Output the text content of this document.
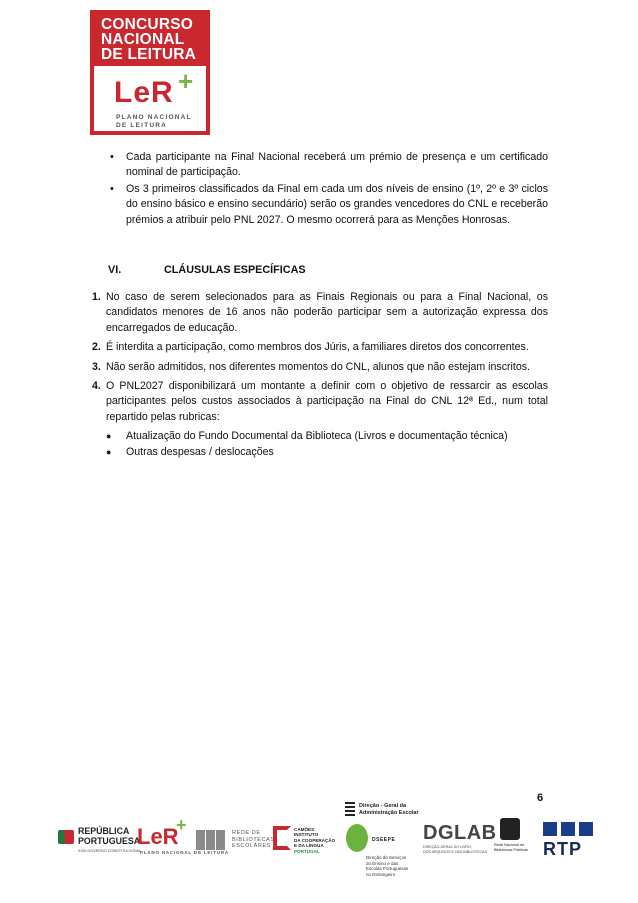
CONCURSO
NACIONAL
DE LEITURA
LeR +
PLANO NACIONAL
DE LEITURA
• Cada participante na Final Nacional receberá um prémio de presença e um certificado nominal de participação.
• Os 3 primeiros classificados da Final em cada um dos níveis de ensino (1º, 2º e 3º ciclos do ensino básico e ensino secundário) serão os grandes vencedores do CNL e receberão prémios a atribuir pelo PNL 2027. O mesmo ocorrerá para as Menções Honrosas.
VI.	CLÁUSULAS ESPECÍFICAS
1. No caso de serem selecionados para as Finais Regionais ou para a Final Nacional, os candidatos menores de 16 anos não poderão participar sem a autorização expressa dos encarregados de educação.
2. É interdita a participação, como membros dos Júris, a familiares diretos dos concorrentes.
3. Não serão admitidos, nos diferentes momentos do CNL, alunos que não estejam inscritos.
4. O PNL2027 disponibilizará um montante a definir com o objetivo de ressarcir as escolas participantes pelos custos associados à participação na Final do CNL 12ª Ed., num total repartido pelas rubricas:
● Atualização do Fundo Documental da Biblioteca (Livros e documentação técnica)
● Outras despesas / deslocações
6
REPÚBLICA
PORTUGUESA
XXIII GOVERNO CONSTITUCIONAL
LeR
+
PLANO NACIONAL DE LEITURA
REDE DE
BIBLIOTECAS
ESCOLARES
CAMÕES
INSTITUTO
DA COOPERAÇÃO
E DA LÍNGUA
PORTUGAL
Direção - Geral da
Administração Escolar
DSEEPE
Direção de Serviços
do Ensino e das
Escolas Portuguesas
no Estrangeiro
DGLAB
DIREÇÃO-GERAL DO LIVRO,
DOS ARQUIVOS E DAS BIBLIOTECAS
Rede Nacional de
Bibliotecas Públicas RTP
